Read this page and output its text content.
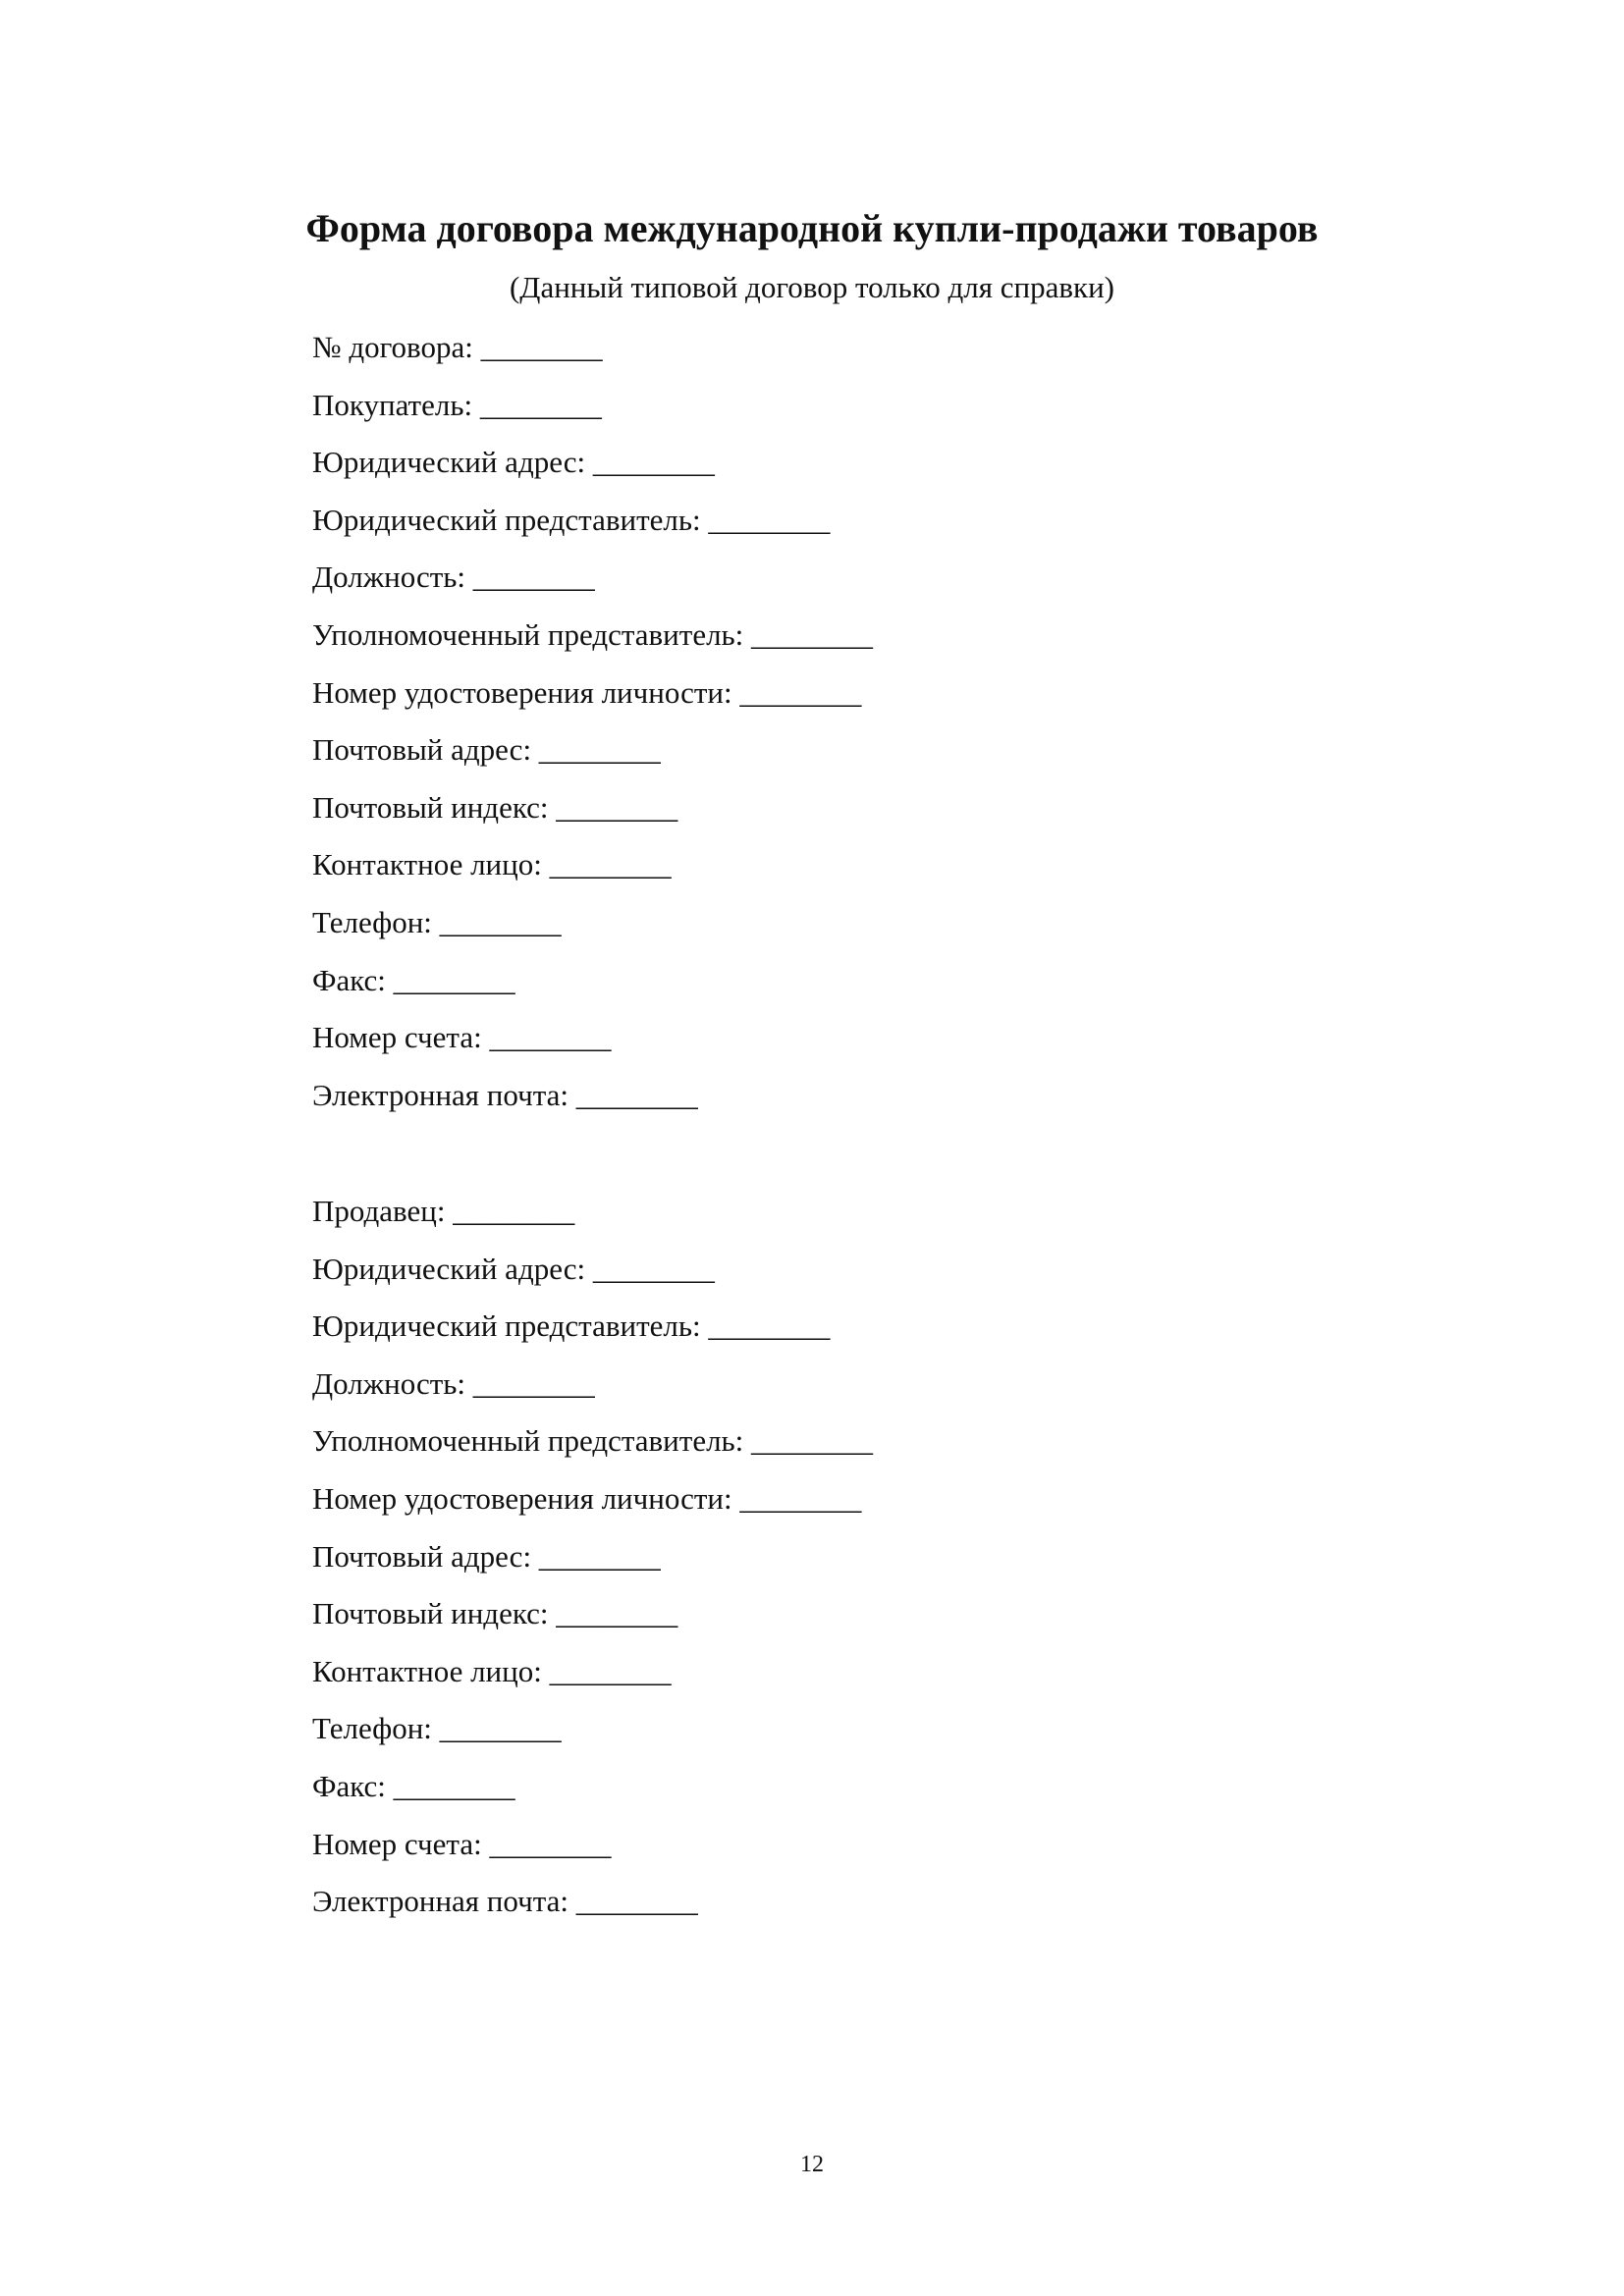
Форма договора международной купли-продажи товаров
(Данный типовой договор только для справки)
№ договора: ________
Покупатель: ________
Юридический адрес: ________
Юридический представитель: ________
Должность: ________
Уполномоченный представитель: ________
Номер удостоверения личности: ________
Почтовый адрес: ________
Почтовый индекс: ________
Контактное лицо: ________
Телефон: ________
Факс: ________
Номер счета: ________
Электронная почта: ________
Продавец: ________
Юридический адрес: ________
Юридический представитель: ________
Должность: ________
Уполномоченный представитель: ________
Номер удостоверения личности: ________
Почтовый адрес: ________
Почтовый индекс: ________
Контактное лицо: ________
Телефон: ________
Факс: ________
Номер счета: ________
Электронная почта: ________
12
